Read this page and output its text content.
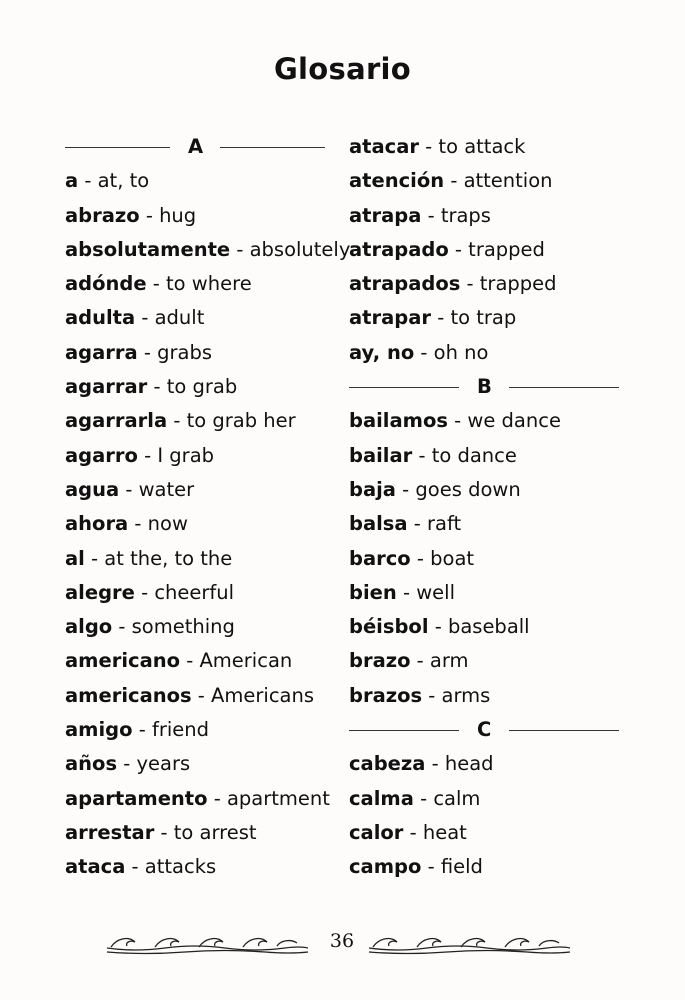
Glosario
A
a - at, to
abrazo - hug
absolutamente - absolutely
adónde - to where
adulta - adult
agarra - grabs
agarrar - to grab
agarrarla - to grab her
agarro - I grab
agua - water
ahora - now
al - at the, to the
alegre - cheerful
algo - something
americano - American
americanos - Americans
amigo - friend
años - years
apartamento - apartment
arrestar - to arrest
ataca - attacks
atacar - to attack
atención - attention
atrapa - traps
atrapado - trapped
atrapados - trapped
atrapar - to trap
ay, no - oh no
B
bailamos - we dance
bailar - to dance
baja - goes down
balsa - raft
barco - boat
bien - well
béisbol - baseball
brazo - arm
brazos - arms
C
cabeza - head
calma - calm
calor - heat
campo - field
36
